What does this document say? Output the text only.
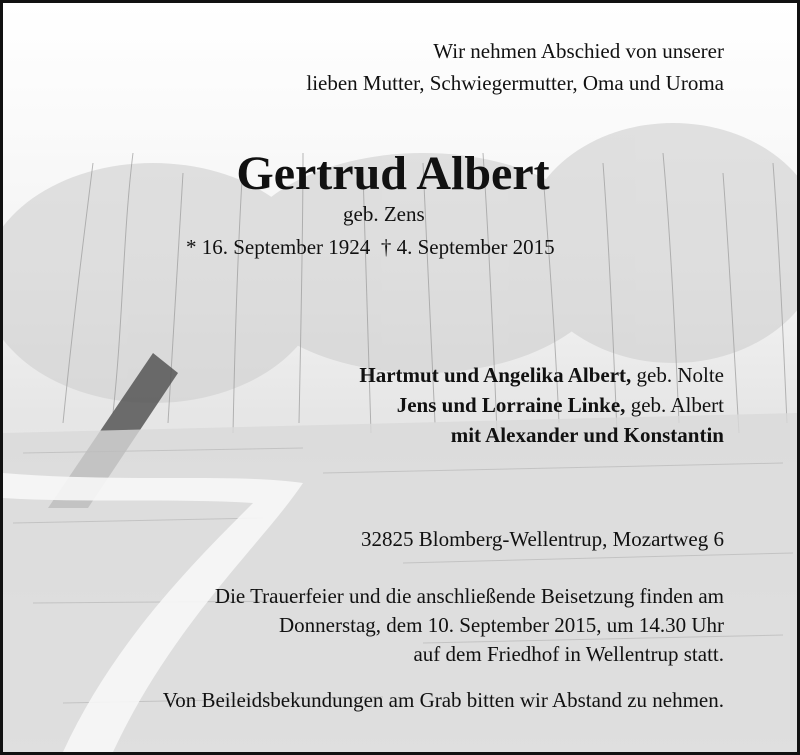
Wir nehmen Abschied von unserer
lieben Mutter, Schwiegermutter, Oma und Uroma
Gertrud Albert
geb. Zens
* 16. September 1924 † 4. September 2015
Hartmut und Angelika Albert, geb. Nolte
Jens und Lorraine Linke, geb. Albert
mit Alexander und Konstantin
32825 Blomberg-Wellentrup, Mozartweg 6
Die Trauerfeier und die anschließende Beisetzung finden am
Donnerstag, dem 10. September 2015, um 14.30 Uhr
auf dem Friedhof in Wellentrup statt.
Von Beileidsbekundungen am Grab bitten wir Abstand zu nehmen.
